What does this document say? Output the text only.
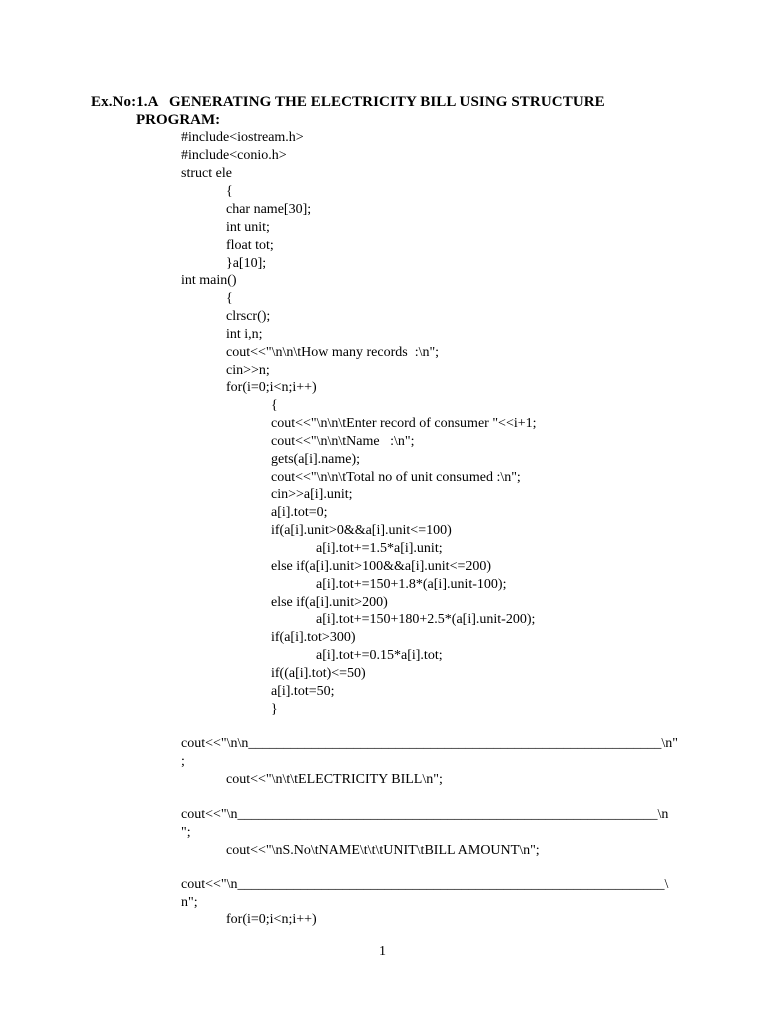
Ex.No:1.A GENERATING THE ELECTRICITY BILL USING STRUCTURE
PROGRAM:
#include<iostream.h>
#include<conio.h>
struct ele
{
char name[30];
int unit;
float tot;
}a[10];
int main()
{
clrscr();
int i,n;
cout<<"\n\n\tHow many records  :\n";
cin>>n;
for(i=0;i<n;i++)
{
cout<<"\n\n\tEnter record of consumer "<<i+1;
cout<<"\n\n\tName   :\n";
gets(a[i].name);
cout<<"\n\n\tTotal no of unit consumed :\n";
cin>>a[i].unit;
a[i].tot=0;
if(a[i].unit>0&&a[i].unit<=100)
a[i].tot+=1.5*a[i].unit;
else if(a[i].unit>100&&a[i].unit<=200)
a[i].tot+=150+1.8*(a[i].unit-100);
else if(a[i].unit>200)
a[i].tot+=150+180+2.5*(a[i].unit-200);
if(a[i].tot>300)
a[i].tot+=0.15*a[i].tot;
if((a[i].tot)<=50)
a[i].tot=50;
}
cout<<"\n\n___________________________________________________________\n"
;
cout<<"\n\t\tELECTRICITY BILL\n";
cout<<"\n____________________________________________________________\n
";
cout<<"\nS.No\tNAME\t\t\tUNIT\tBILL AMOUNT\n";
cout<<"\n_____________________________________________________________\
n";
for(i=0;i<n;i++)
1
